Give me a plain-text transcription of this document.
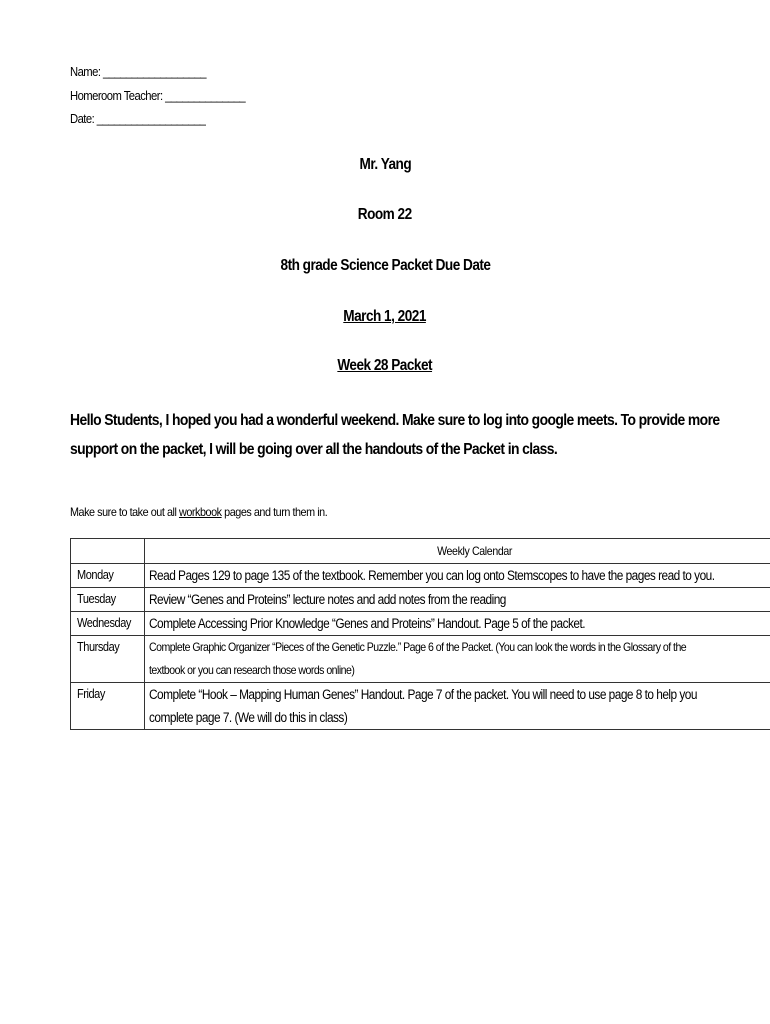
Name: __________________
Homeroom Teacher: ______________
Date: ___________________
Mr. Yang
Room 22
8th grade Science Packet Due Date
March 1, 2021
Week 28 Packet
Hello Students, I hoped you had a wonderful weekend. Make sure to log into google meets. To provide more support on the packet, I will be going over all the handouts of the Packet in class.
Make sure to take out all workbook pages and turn them in.
	Weekly Calendar
Monday	Read Pages 129 to page 135 of the textbook. Remember you can log onto Stemscopes to have the pages read to you.
Tuesday	Review “Genes and Proteins” lecture notes and add notes from the reading
Wednesday	Complete Accessing Prior Knowledge “Genes and Proteins” Handout. Page 5 of the packet.
Thursday	Complete Graphic Organizer “Pieces of the Genetic Puzzle.” Page 6 of the Packet. (You can look the words in the Glossary of the textbook or you can research those words online)
Friday	Complete “Hook – Mapping Human Genes” Handout. Page 7 of the packet. You will need to use page 8 to help you complete page 7. (We will do this in class)
